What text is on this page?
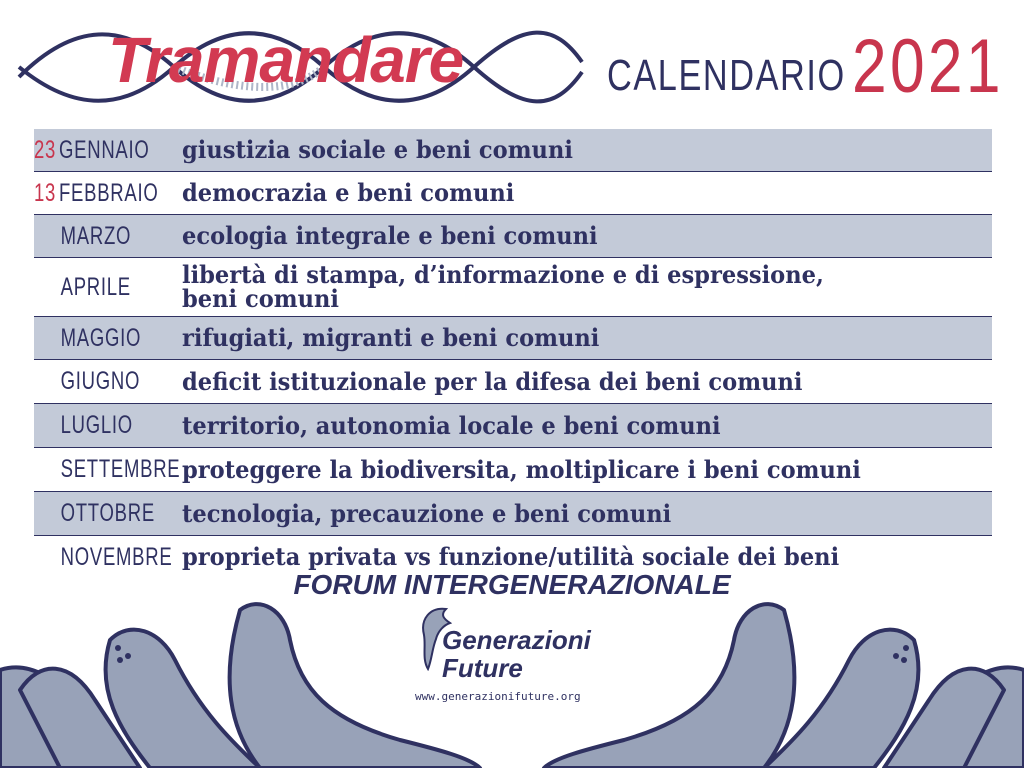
Tramandare	CALENDARIO 2021
23 GENNAIO giustizia sociale e beni comuni
13 FEBBRAIO democrazia e beni comuni
MARZO	ecologia integrale e beni comuni
APRILE	libertà di stampa, d’informazione e di espressione,
beni comuni
MAGGIO rifugiati, migranti e beni comuni
GIUGNO deficit istituzionale per la difesa dei beni comuni
LUGLIO	territorio, autonomia locale e beni comuni
SETTEMBRE proteggere la biodiversita, moltiplicare i beni comuni
OTTOBRE tecnologia, precauzione e beni comuni
NOVEMBRE proprieta privata vs funzione/utilità sociale dei beni
FORUM INTERGENERAZIONALE
Generazioni
Future
www.generazionifuture.org
